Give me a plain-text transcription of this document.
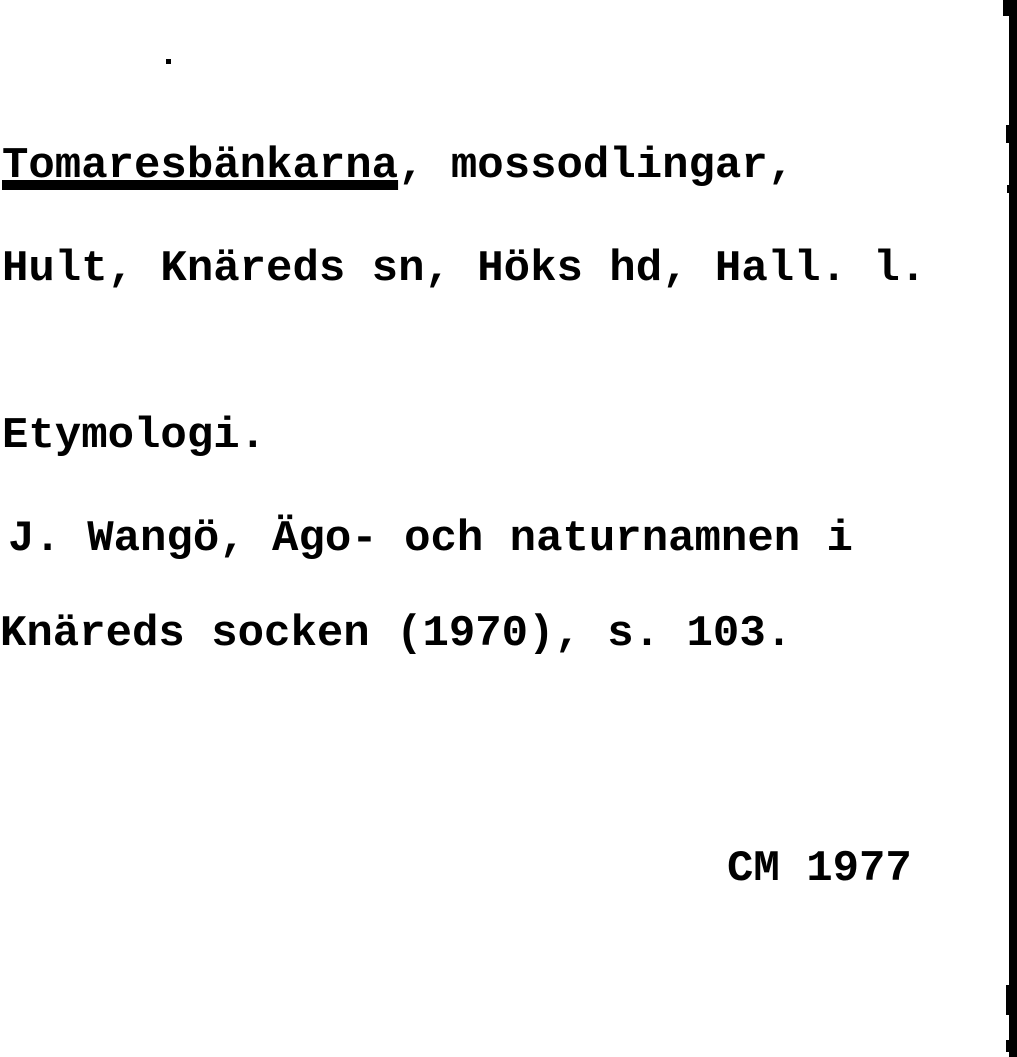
Tomaresbänkarna, mossodlingar,

Hult, Knäreds sn, Höks hd, Hall. l.

Etymologi.

J. Wangö, Ägo- och naturnamnen i

Knäreds socken (1970), s. 103.

CM 1977
